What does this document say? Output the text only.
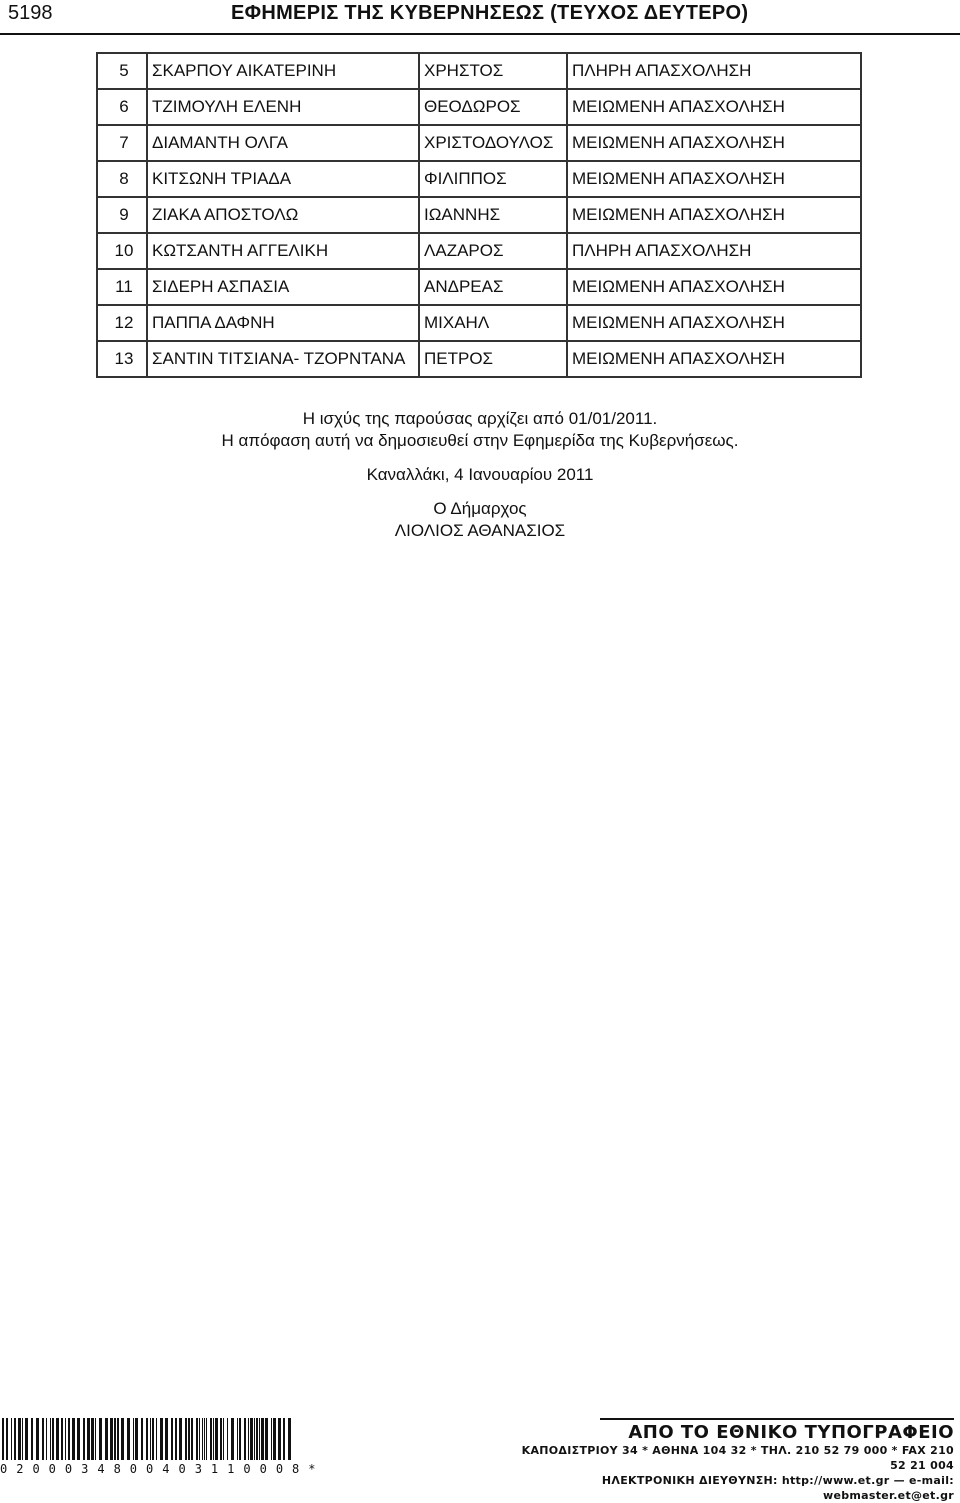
5198	ΕΦΗΜΕΡΙΣ ΤΗΣ ΚΥΒΕΡΝΗΣΕΩΣ (ΤΕΥΧΟΣ ΔΕΥΤΕΡΟ)
5	ΣΚΑΡΠΟΥ ΑΙΚΑΤΕΡΙΝΗ	ΧΡΗΣΤΟΣ	ΠΛΗΡΗ ΑΠΑΣΧΟΛΗΣΗ
6	ΤΖΙΜΟΥΛΗ ΕΛΕΝΗ	ΘΕΟΔΩΡΟΣ	ΜΕΙΩΜΕΝΗ ΑΠΑΣΧΟΛΗΣΗ
7	ΔΙΑΜΑΝΤΗ ΟΛΓΑ	ΧΡΙΣΤΟΔΟΥΛΟΣ	ΜΕΙΩΜΕΝΗ ΑΠΑΣΧΟΛΗΣΗ
8	ΚΙΤΣΩΝΗ ΤΡΙΑΔΑ	ΦΙΛΙΠΠΟΣ	ΜΕΙΩΜΕΝΗ ΑΠΑΣΧΟΛΗΣΗ
9	ΖΙΑΚΑ ΑΠΟΣΤΟΛΩ	ΙΩΑΝΝΗΣ	ΜΕΙΩΜΕΝΗ ΑΠΑΣΧΟΛΗΣΗ
10	ΚΩΤΣΑΝΤΗ ΑΓΓΕΛΙΚΗ	ΛΑΖΑΡΟΣ	ΠΛΗΡΗ ΑΠΑΣΧΟΛΗΣΗ
11	ΣΙΔΕΡΗ ΑΣΠΑΣΙΑ	ΑΝΔΡΕΑΣ	ΜΕΙΩΜΕΝΗ ΑΠΑΣΧΟΛΗΣΗ
12	ΠΑΠΠΑ ΔΑΦΝΗ	ΜΙΧΑΗΛ	ΜΕΙΩΜΕΝΗ ΑΠΑΣΧΟΛΗΣΗ
13	ΣΑΝΤΙΝ ΤΙΤΣΙΑΝΑ- ΤΖΟΡΝΤΑΝΑ	ΠΕΤΡΟΣ	ΜΕΙΩΜΕΝΗ ΑΠΑΣΧΟΛΗΣΗ
Η ισχύς της παρούσας αρχίζει από 01/01/2011.
Η απόφαση αυτή να δημοσιευθεί στην Εφημερίδα της Κυβερνήσεως.
Καναλλάκι, 4 Ιανουαρίου 2011
Ο Δήμαρχος
ΛΙΟΛΙΟΣ ΑΘΑΝΑΣΙΟΣ
0200034800403110008*
ΑΠΟ ΤΟ ΕΘΝΙΚΟ ΤΥΠΟΓΡΑΦΕΙΟ
ΚΑΠΟΔΙΣΤΡΙΟΥ 34 * ΑΘΗΝΑ 104 32 * ΤΗΛ. 210 52 79 000 * FAX 210 52 21 004
ΗΛΕΚΤΡΟΝΙΚΗ ΔΙΕΥΘΥΝΣΗ: http://www.et.gr — e-mail: webmaster.et@et.gr
